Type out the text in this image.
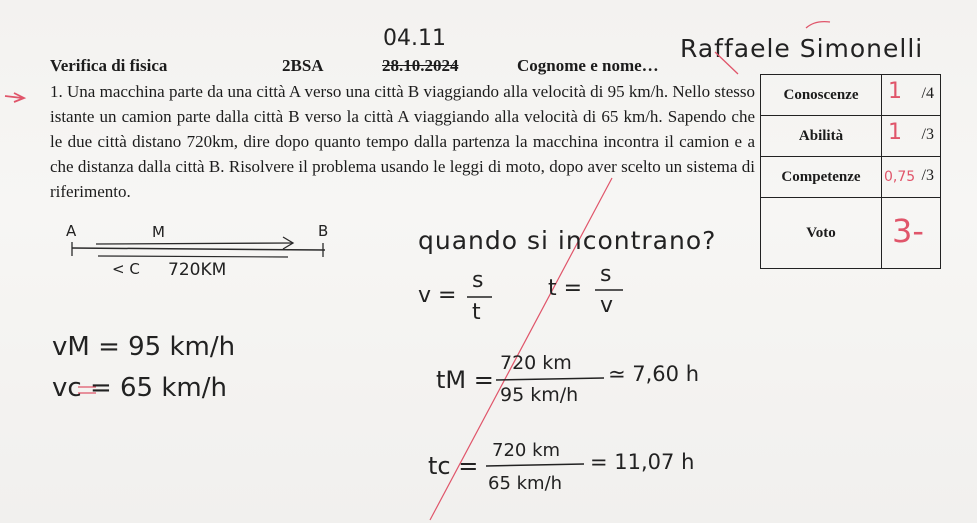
Verifica di fisica	2BSA	28.10.2024	Cognome e nome…
04.11	Raffaele Simonelli
1. Una macchina parte da una città A verso una città B viaggiando alla velocità di 95 km/h. Nello stesso istante un camion parte dalla città B verso la città A viaggiando alla velocità di 65 km/h. Sapendo che le due città distano 720km, dire dopo quanto tempo dalla partenza la macchina incontra il camion e a che distanza dalla città B. Risolvere il problema usando le leggi di moto, dopo aver scelto un sistema di riferimento.
Conoscenze	1 /4

Abilità	1 /3

Competenze	0,75 /3

Voto	3-
A	M	B
< C 720KM
quando si incontrano?
v =
s
t
t =
s
v
vM = 95 km/h
vc = 65 km/h	tM =
720 km
95 km/h
≃ 7,60 h
tc =
720 km
65 km/h
= 11,07 h
